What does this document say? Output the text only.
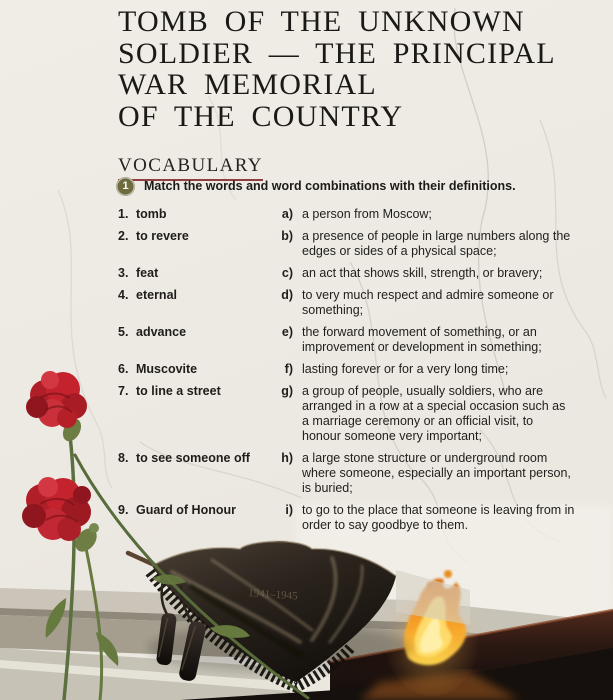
1941–1945
TOMB OF THE UNKNOWN
SOLDIER — THE PRINCIPAL
WAR MEMORIAL
OF THE COUNTRY
VOCABULARY
1	Match the words and word combinations with their definitions.
1. tomb	a) a person from Moscow;
2. to revere	b) a presence of people in large numbers along the edges or sides of a physical space;
3. feat	c) an act that shows skill, strength, or bravery;
4. eternal	d) to very much respect and admire someone or something;
5. advance	e) the forward movement of something, or an improvement or development in something;
6. Muscovite	f) lasting forever or for a very long time;
7. to line a street	g) a group of people, usually soldiers, who are arranged in a row at a special occasion such as a marriage ceremony or an official visit, to honour someone very important;
8. to see someone off	h) a large stone structure or underground room where someone, especially an important person, is buried;
9. Guard of Honour	i) to go to the place that someone is leaving from in order to say goodbye to them.
